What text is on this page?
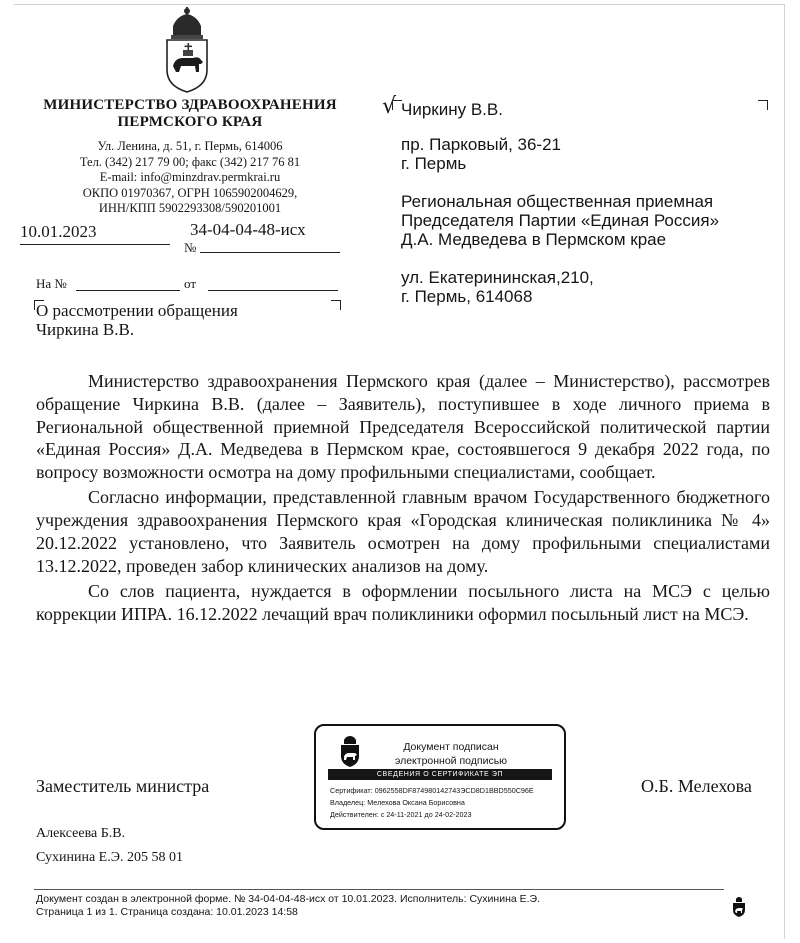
МИНИСТЕРСТВО ЗДРАВООХРАНЕНИЯ
ПЕРМСКОГО КРАЯ
Ул. Ленина, д. 51, г. Пермь, 614006
Тел. (342) 217 79 00; факс (342) 217 76 81
E-mail: info@minzdrav.permkrai.ru
ОКПО 01970367, ОГРН 1065902004629,
ИНН/КПП 5902293308/590201001
10.01.2023	34-04-04-48-исх
№
На №	от
О рассмотрении обращения
Чиркина В.В.
√ Чиркину В.В.
пр. Парковый, 36-21
г. Пермь
Региональная общественная приемная
Председателя Партии «Единая Россия»
Д.А. Медведева в Пермском крае
ул. Екатерининская,210,
г. Пермь, 614068

Министерство здравоохранения Пермского края (далее – Министерство), рассмотрев обращение Чиркина В.В. (далее – Заявитель), поступившее в ходе личного приема в Региональной общественной приемной Председателя Всероссийской политической партии «Единая Россия» Д.А. Медведева в Пермском крае, состоявшегося 9 декабря 2022 года, по вопросу возможности осмотра на дому профильными специалистами, сообщает.

Согласно информации, представленной главным врачом Государственного бюджетного учреждения здравоохранения Пермского края «Городская клиническая поликлиника № 4» 20.12.2022 установлено, что Заявитель осмотрен на дому профильными специалистами 13.12.2022, проведен забор клинических анализов на дому.

Со слов пациента, нуждается в оформлении посыльного листа на МСЭ с целью коррекции ИПРА. 16.12.2022 лечащий врач поликлиники оформил посыльный лист на МСЭ.

Документ подписан
электронной подписью
СВЕДЕНИЯ О СЕРТИФИКАТЕ ЭП
Сертификат: 0962558DF874980142743ЭCD8D1BBD550C96E
Владелец: Мелехова Оксана Борисовна
Действителен: с 24-11-2021 до 24-02-2023
Заместитель министра	О.Б. Мелехова
Алексеева Б.В.
Сухинина Е.Э. 205 58 01
Документ создан в электронной форме. № 34-04-04-48-исх от 10.01.2023. Исполнитель: Сухинина Е.Э.
Страница 1 из 1. Страница создана: 10.01.2023 14:58
